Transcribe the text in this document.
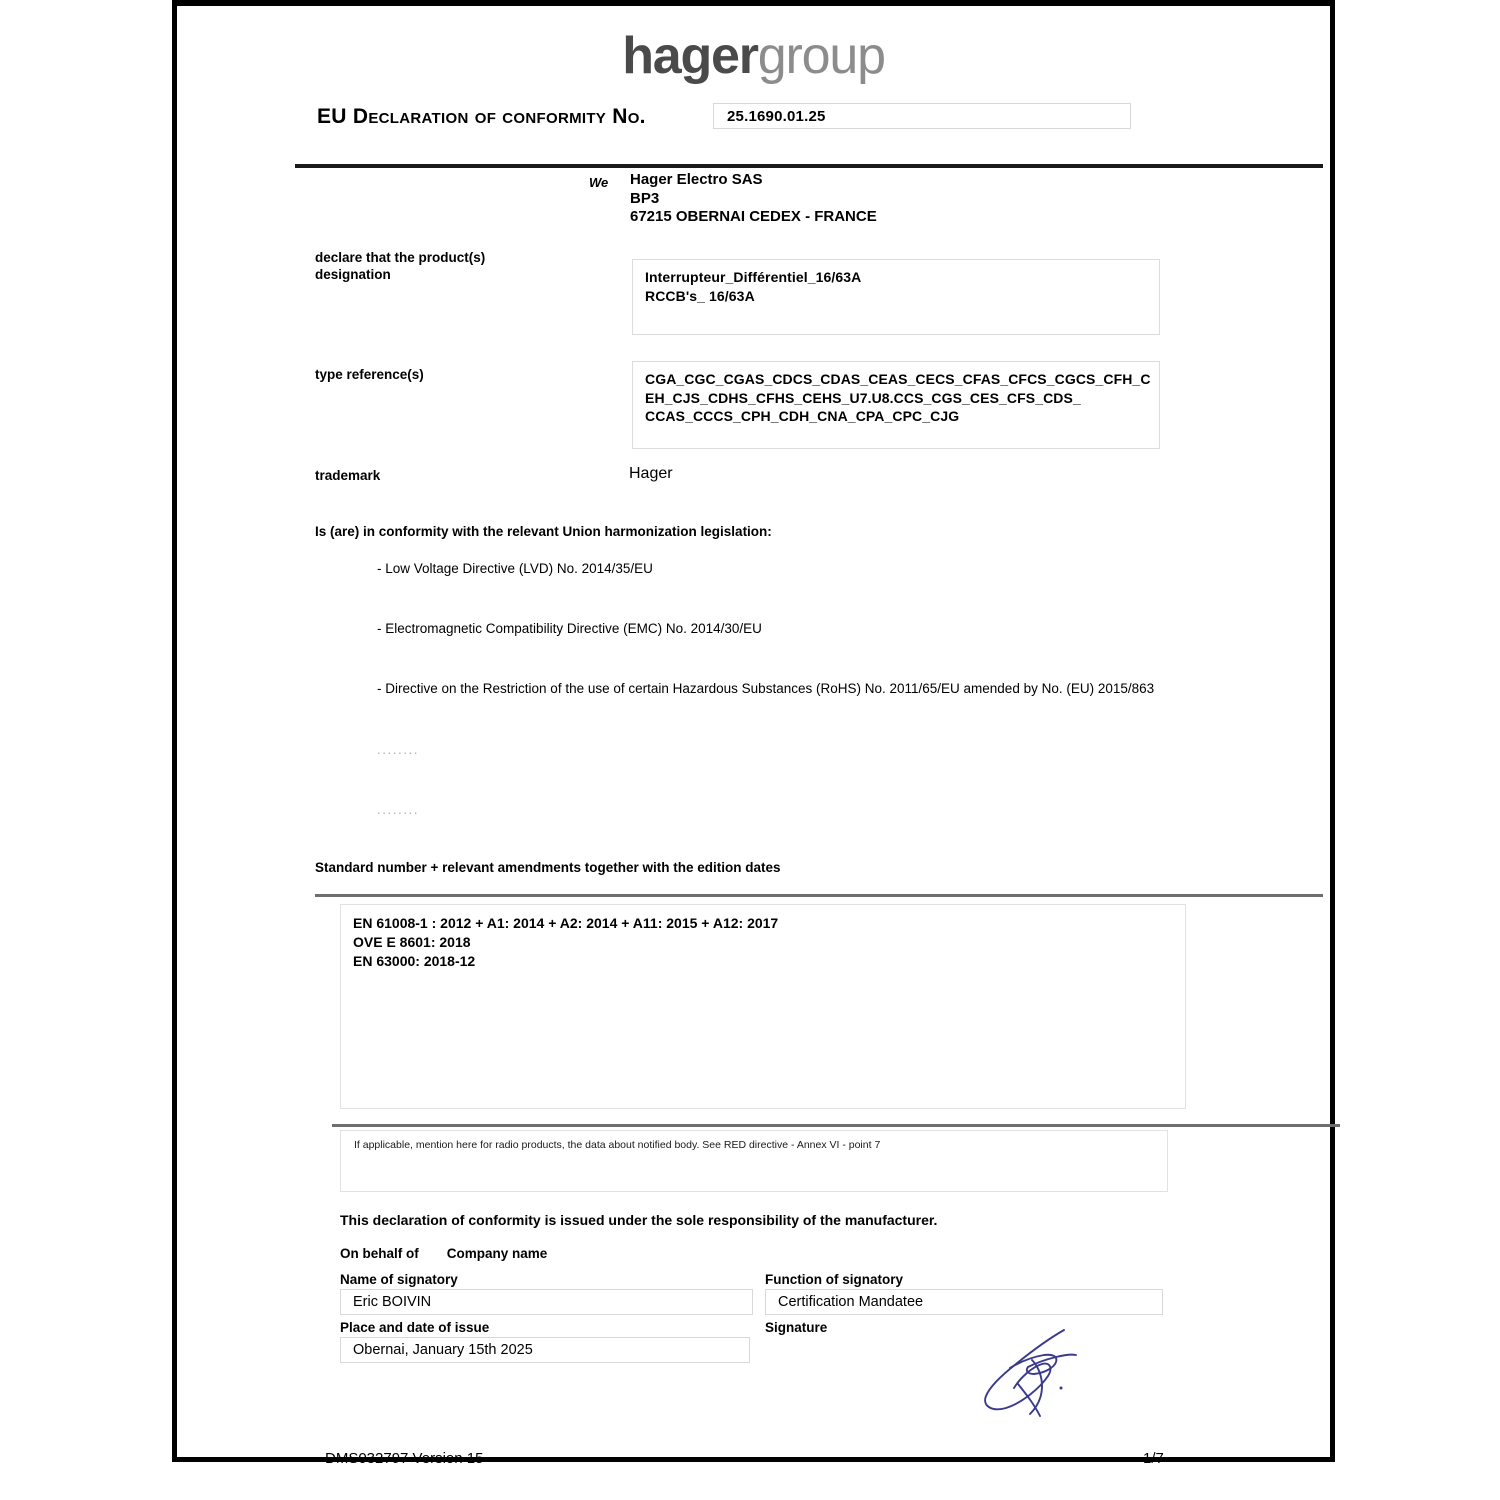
hagergroup
EU Declaration of conformity No.	25.1690.01.25
We Hager Electro SAS
BP3
67215 OBERNAI CEDEX - FRANCE
declare that the product(s)
designation	Interrupteur_Différentiel_16/63A
RCCB's_ 16/63A
type reference(s)	CGA_CGC_CGAS_CDCS_CDAS_CEAS_CECS_CFAS_CFCS_CGCS_CFH_C
EH_CJS_CDHS_CFHS_CEHS_U7.U8.CCS_CGS_CES_CFS_CDS_
CCAS_CCCS_CPH_CDH_CNA_CPA_CPC_CJG
trademark	Hager
Is (are) in conformity with the relevant Union harmonization legislation:
- Low Voltage Directive (LVD) No. 2014/35/EU
- Electromagnetic Compatibility Directive (EMC) No. 2014/30/EU
- Directive on the Restriction of the use of certain Hazardous Substances (RoHS) No. 2011/65/EU amended by No. (EU) 2015/863
........
........
Standard number + relevant amendments together with the edition dates
EN 61008-1 : 2012 + A1: 2014 + A2: 2014 + A11: 2015 + A12: 2017
OVE E 8601: 2018
EN 63000: 2018-12
If applicable, mention here for radio products, the data about notified body. See RED directive - Annex VI - point 7
This declaration of conformity is issued under the sole responsibility of the manufacturer.
On behalf of Company name
Name of signatory
Eric BOIVIN
Function of signatory
Certification Mandatee
Place and date of issue
Obernai, January 15th 2025
Signature
DMS032797 Version 15	1/7
